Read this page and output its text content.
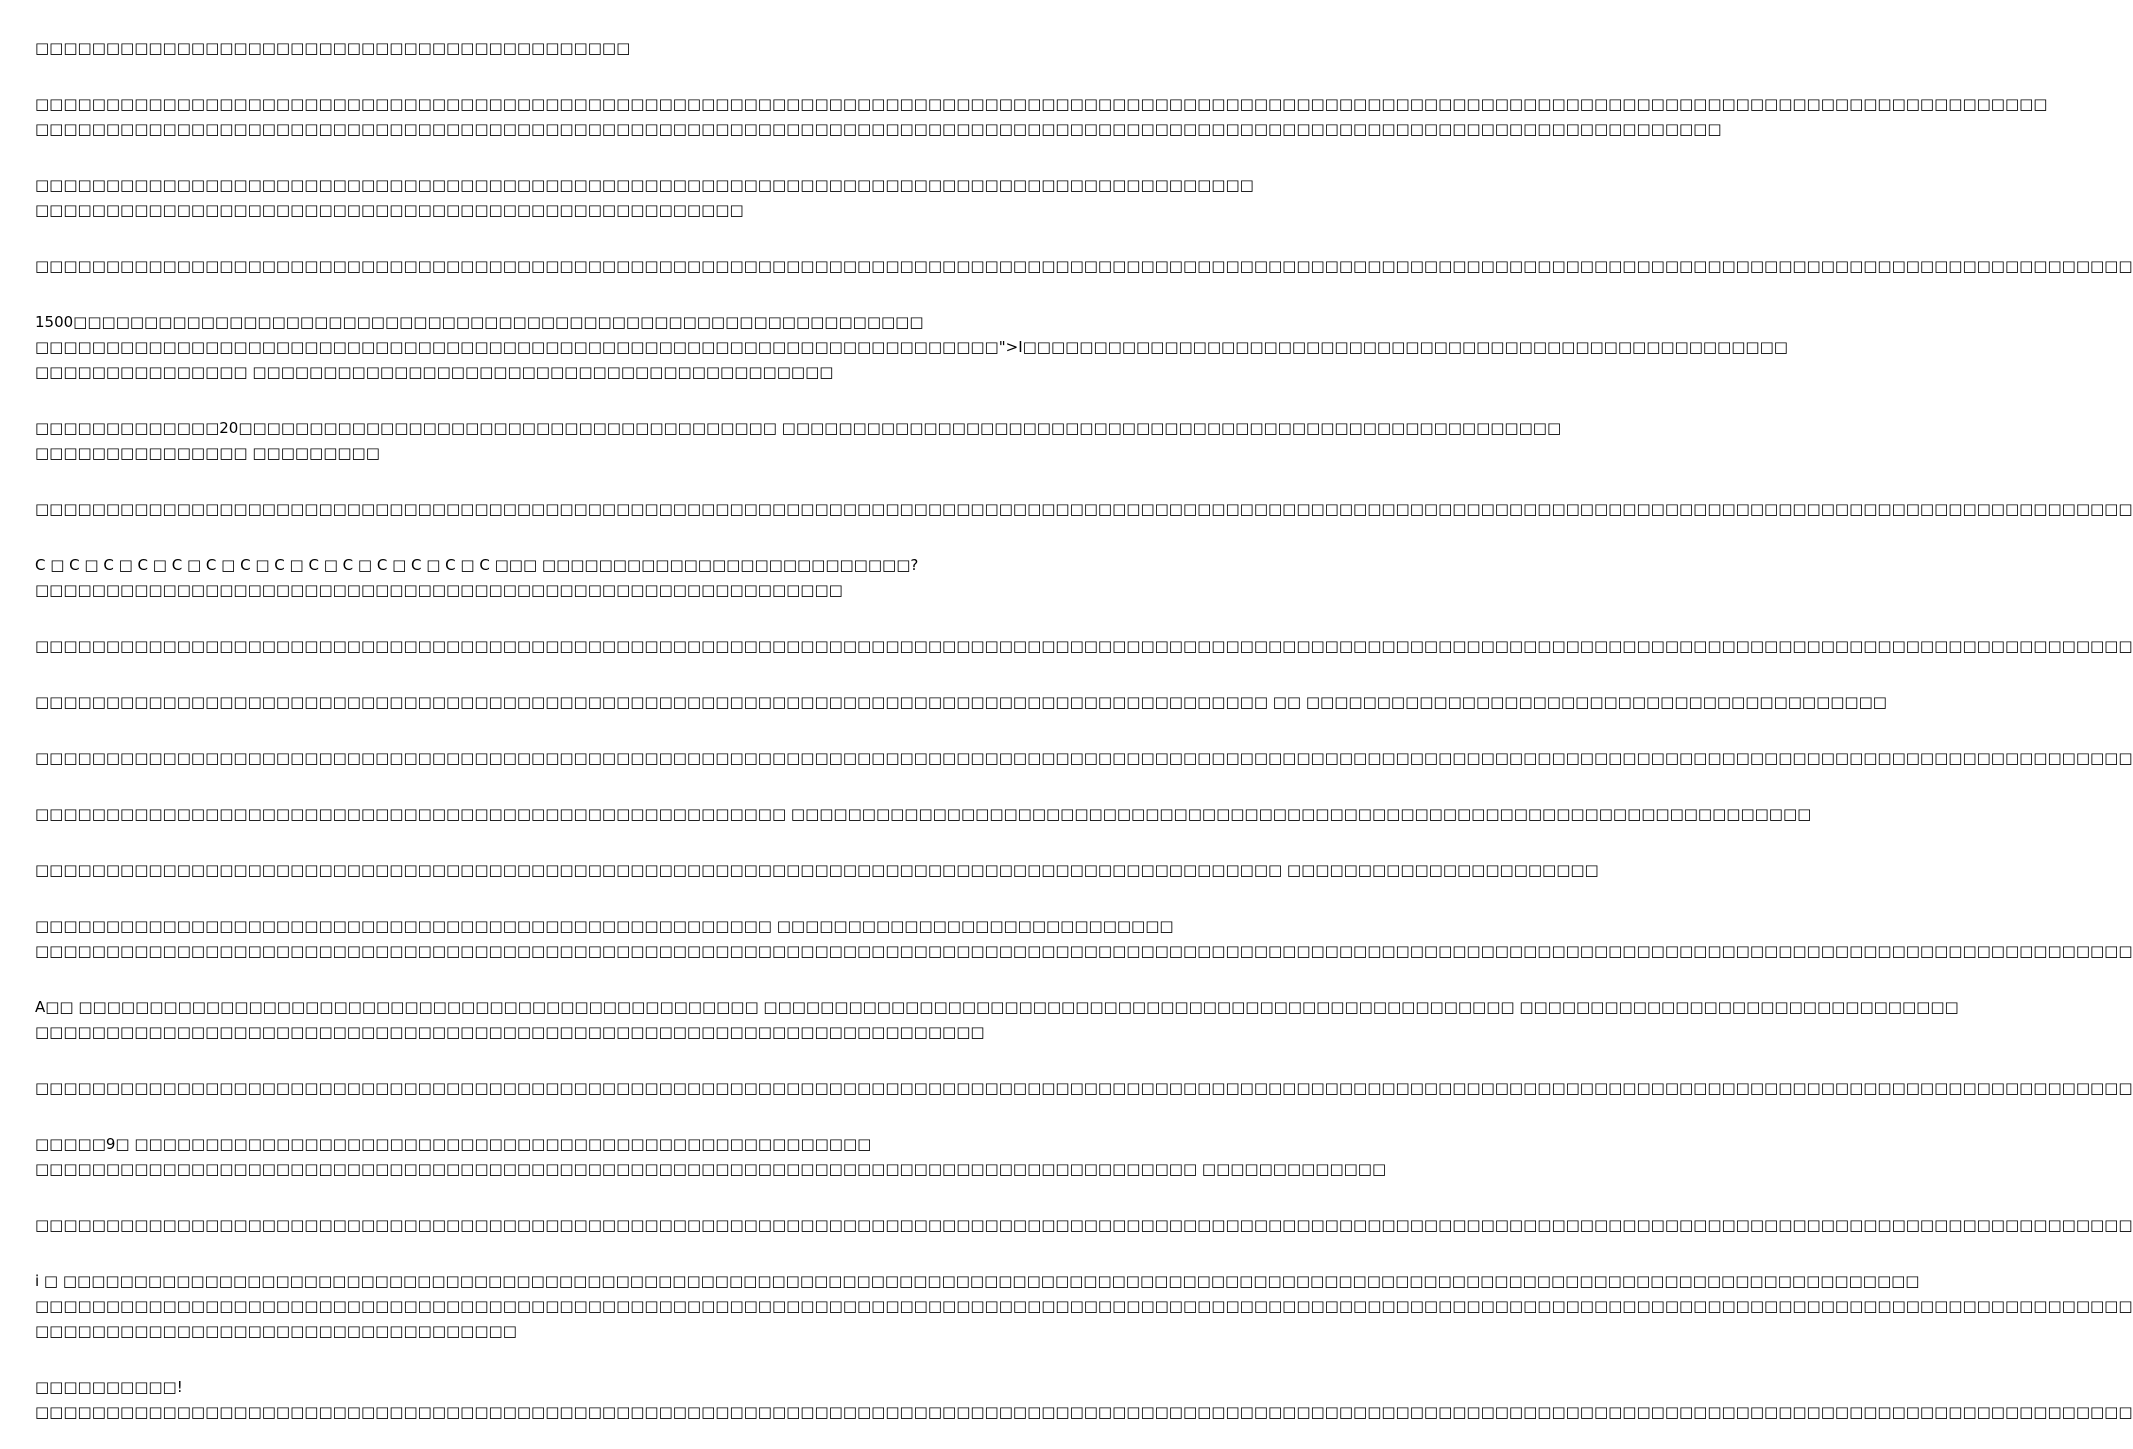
□□□□□□□□□□□□□□□□□□□□□□□□□□□□□□□□□□□□□□□□□□

□□□□□□□□□□□□□□□□□□□□□□□□□□□□□□□□□□□□□□□□□□□□□□□□□□□□□□□□□□□□□□□□□□□□□□□□□□□□□□□□□□□□□□□□□□□□□□□□□□□□□□□□□□□□□□□□□□□□□□□□□□□□□□□□□□□□□□□□□□□□□□
□□□□□□□□□□□□□□□□□□□□□□□□□□□□□□□□□□□□□□□□□□□□□□□□□□□□□□□□□□□□□□□□□□□□□□□□□□□□□□□□□□□□□□□□□□□□□□□□□□□□□□□□□□□□□□□□□□□□□□□

□□□□□□□□□□□□□□□□□□□□□□□□□□□□□□□□□□□□□□□□□□□□□□□□□□□□□□□□□□□□□□□□□□□□□□□□□□□□□□□□□□□□□□
□□□□□□□□□□□□□□□□□□□□□□□□□□□□□□□□□□□□□□□□□□□□□□□□□□

□□□□□□□□□□□□□□□□□□□□□□□□□□□□□□□□□□□□□□□□□□□□□□□□□□□□□□□□□□□□□□□□□□□□□□□□□□□□□□□□□□□□□□□□□□□□□□□□□□□□□□□□□□□□□□□□□□□□□□□□□□□□□□□□□□□□□□□□□□□□□□□□□□□□

1500□□□□□□□□□□□□□□□□□□□□□□□□□□□□□□□□□□□□□□□□□□□□□□□□□□□□□□□□□□□□
□□□□□□□□□□□□□□□□□□□□□□□□□□□□□□□□□□□□□□□□□□□□□□□□□□□□□□□□□□□□□□□□□□□□">I□□□□□□□□□□□□□□□□□□□□□□□□□□□□□□□□□□□□□□□□□□□□□□□□□□□□□□
□□□□□□□□□□□□□□□ □□□□□□□□□□□□□□□□□□□□□□□□□□□□□□□□□□□□□□□□□

□□□□□□□□□□□□□20□□□□□□□□□□□□□□□□□□□□□□□□□□□□□□□□□□□□□□ □□□□□□□□□□□□□□□□□□□□□□□□□□□□□□□□□□□□□□□□□□□□□□□□□□□□□□□
□□□□□□□□□□□□□□□ □□□□□□□□□

□□□□□□□□□□□□□□□□□□□□□□□□□□□□□□□□□□□□□□□□□□□□□□□□□□□□□□□□□□□□□□□□□□□□□□□□□□□□□□□□□□□□□□□□□□□□□□□□□□□□□□□□□□□□□□□□□□□□□□□□□□□□□□□□□□□□□□□□□□□□□□□□□□□□

C □ C □ C □ C □ C □ C □ C □ C □ C □ C □ C □ C □ C □ C □□□ □□□□□□□□□□□□□□□□□□□□□□□□□□?
□□□□□□□□□□□□□□□□□□□□□□□□□□□□□□□□□□□□□□□□□□□□□□□□□□□□□□□□□

□□□□□□□□□□□□□□□□□□□□□□□□□□□□□□□□□□□□□□□□□□□□□□□□□□□□□□□□□□□□□□□□□□□□□□□□□□□□□□□□□□□□□□□□□□□□□□□□□□□□□□□□□□□□□□□□□□□□□□□□□□□□□□□□□□□□□□□□□□□□□□□□□□□□

□□□□□□□□□□□□□□□□□□□□□□□□□□□□□□□□□□□□□□□□□□□□□□□□□□□□□□□□□□□□□□□□□□□□□□□□□□□□□□□□□□□□□□□ □□ □□□□□□□□□□□□□□□□□□□□□□□□□□□□□□□□□□□□□□□□□

□□□□□□□□□□□□□□□□□□□□□□□□□□□□□□□□□□□□□□□□□□□□□□□□□□□□□□□□□□□□□□□□□□□□□□□□□□□□□□□□□□□□□□□□□□□□□□□□□□□□□□□□□□□□□□□□□□□□□□□□□□□□□□□□□□□□□□□□□□□□□□□□□□□□

□□□□□□□□□□□□□□□□□□□□□□□□□□□□□□□□□□□□□□□□□□□□□□□□□□□□□ □□□□□□□□□□□□□□□□□□□□□□□□□□□□□□□□□□□□□□□□□□□□□□□□□□□□□□□□□□□□□□□□□□□□□□□□

□□□□□□□□□□□□□□□□□□□□□□□□□□□□□□□□□□□□□□□□□□□□□□□□□□□□□□□□□□□□□□□□□□□□□□□□□□□□□□□□□□□□□□□□ □□□□□□□□□□□□□□□□□□□□□□

□□□□□□□□□□□□□□□□□□□□□□□□□□□□□□□□□□□□□□□□□□□□□□□□□□□□ □□□□□□□□□□□□□□□□□□□□□□□□□□□□
□□□□□□□□□□□□□□□□□□□□□□□□□□□□□□□□□□□□□□□□□□□□□□□□□□□□□□□□□□□□□□□□□□□□□□□□□□□□□□□□□□□□□□□□□□□□□□□□□□□□□□□□□□□□□□□□□□□□□□□□□□□□□□□□□□□□□□□□□□□□□□□□□□□□

A□□ □□□□□□□□□□□□□□□□□□□□□□□□□□□□□□□□□□□□□□□□□□□□□□□□ □□□□□□□□□□□□□□□□□□□□□□□□□□□□□□□□□□□□□□□□□□□□□□□□□□□□□ □□□□□□□□□□□□□□□□□□□□□□□□□□□□□□□
□□□□□□□□□□□□□□□□□□□□□□□□□□□□□□□□□□□□□□□□□□□□□□□□□□□□□□□□□□□□□□□□□□□

□□□□□□□□□□□□□□□□□□□□□□□□□□□□□□□□□□□□□□□□□□□□□□□□□□□□□□□□□□□□□□□□□□□□□□□□□□□□□□□□□□□□□□□□□□□□□□□□□□□□□□□□□□□□□□□□□□□□□□□□□□□□□□□□□□□□□□□□□□□□□□□□□□□□

□□□□□9□ □□□□□□□□□□□□□□□□□□□□□□□□□□□□□□□□□□□□□□□□□□□□□□□□□□□□
□□□□□□□□□□□□□□□□□□□□□□□□□□□□□□□□□□□□□□□□□□□□□□□□□□□□□□□□□□□□□□□□□□□□□□□□□□□□□□□□□□ □□□□□□□□□□□□□

□□□□□□□□□□□□□□□□□□□□□□□□□□□□□□□□□□□□□□□□□□□□□□□□□□□□□□□□□□□□□□□□□□□□□□□□□□□□□□□□□□□□□□□□□□□□□□□□□□□□□□□□□□□□□□□□□□□□□□□□□□□□□□□□□□□□□□□□□□□□□□□□□□□□

i □ □□□□□□□□□□□□□□□□□□□□□□□□□□□□□□□□□□□□□□□□□□□□□□□□□□□□□□□□□□□□□□□□□□□□□□□□□□□□□□□□□□□□□□□□□□□□□□□□□□□□□□□□□□□□□□□□□□□□□□□□□□□□□□□□□□□
□□□□□□□□□□□□□□□□□□□□□□□□□□□□□□□□□□□□□□□□□□□□□□□□□□□□□□□□□□□□□□□□□□□□□□□□□□□□□□□□□□□□□□□□□□□□□□□□□□□□□□□□□□□□□□□□□□□□□□□□□□□□□□□□□□□□□□□□□□□□□□□□□□□□
□□□□□□□□□□□□□□□□□□□□□□□□□□□□□□□□□□

□□□□□□□□□□!
□□□□□□□□□□□□□□□□□□□□□□□□□□□□□□□□□□□□□□□□□□□□□□□□□□□□□□□□□□□□□□□□□□□□□□□□□□□□□□□□□□□□□□□□□□□□□□□□□□□□□□□□□□□□□□□□□□□□□□□□□□□□□□□□□□□□□□□□□□□□□□□□□□□□
